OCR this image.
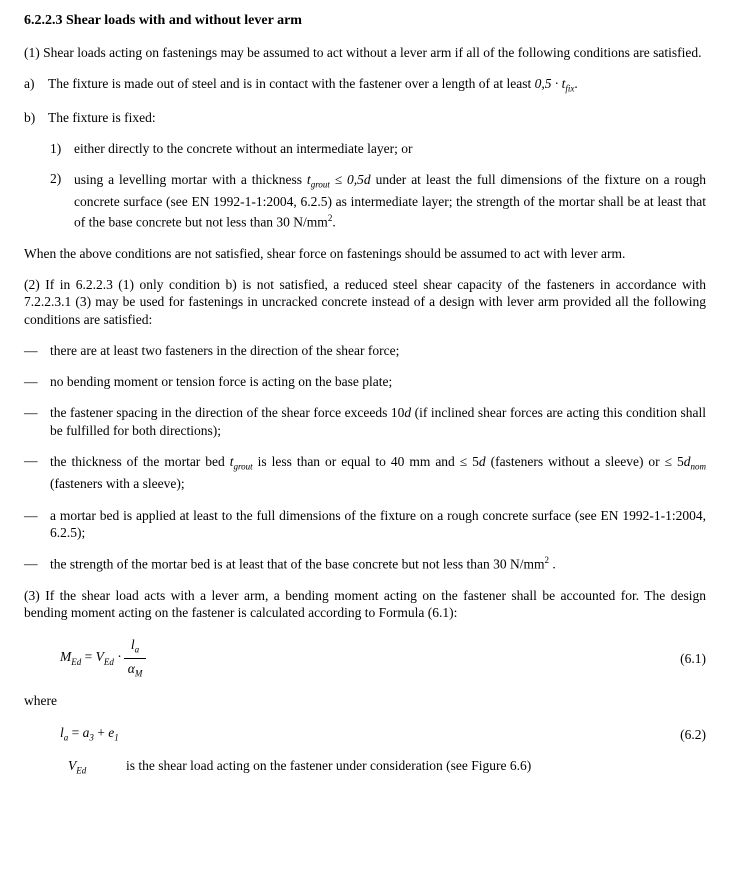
6.2.2.3 Shear loads with and without lever arm

(1) Shear loads acting on fastenings may be assumed to act without a lever arm if all of the following conditions are satisfied.

a)	The fixture is made out of steel and is in contact with the fastener over a length of at least $0,5 \cdot t_{fix}$.
b) The fixture is fixed:
1) either directly to the concrete without an intermediate layer; or
2) using a levelling mortar with a thickness $t_{grout} \le 0,5d$ under at least the full dimensions of the fixture on a rough concrete surface (see EN 1992-1-1:2004, 6.2.5) as intermediate layer; the strength of the mortar shall be at least that of the base concrete but not less than 30 $N/mm^2$.

When the above conditions are not satisfied, shear force on fastenings should be assumed to act with lever arm.

(2) If in 6.2.2.3 (1) only condition b) is not satisfied, a reduced steel shear capacity of the fasteners in accordance with 7.2.2.3.1 (3) may be used for fastenings in uncracked concrete instead of a design with lever arm provided all the following conditions are satisfied:

— there are at least two fasteners in the direction of the shear force;
— no bending moment or tension force is acting on the base plate;
— the fastener spacing in the direction of the shear force exceeds 10d (if inclined shear forces are acting this condition shall be fulfilled for both directions);
— the thickness of the mortar bed $t_{grout}$ is less than or equal to 40 mm and ≤ 5d (fasteners without a sleeve) or ≤ $5d_{nom}$ (fasteners with a sleeve);
— a mortar bed is applied at least to the full dimensions of the fixture on a rough concrete surface (see EN 1992-1-1:2004, 6.2.5);
— the strength of the mortar bed is at least that of the base concrete but not less than 30 $N/mm^2$ .

(3) If the shear load acts with a lever arm, a bending moment acting on the fastener shall be accounted for. The design bending moment acting on the fastener is calculated according to Formula (6.1):

$M_{Ed} = V_{Ed} \cdot \frac{l_a}{\alpha_M}$	(6.1)
where
$l_a = a_3 + e_1$	(6.2)
$V_{Ed}$	is the shear load acting on the fastener under consideration (see Figure 6.6)
